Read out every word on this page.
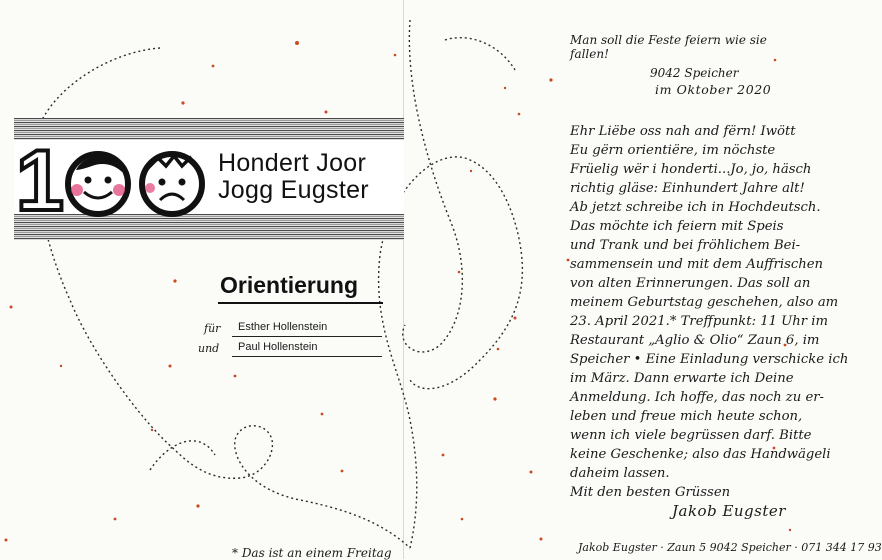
1	Hondert Joor
Jogg Eugster
Orientierung
für Esther Hollenstein
und Paul Hollenstein
* Das ist an einem Freitag
Man soll die Feste feiern wie sie fallen!
9042 Speicher
im Oktober 2020
Ehr Liëbe oss nah and fërn! Iwött
Eu gërn orientiëre, im nöchste
Früelig wër i honderti...Jo, jo, häsch
richtig gläse: Einhundert Jahre alt!
Ab jetzt schreibe ich in Hochdeutsch.
Das möchte ich feiern mit Speis
und Trank und bei fröhlichem Bei-
sammensein und mit dem Auffrischen
von alten Erinnerungen. Das soll an
meinem Geburtstag geschehen, also am
23. April 2021.* Treffpunkt: 11 Uhr im
Restaurant „Aglio & Olio“ Zaun 6, im
Speicher • Eine Einladung verschicke ich
im März. Dann erwarte ich Deine
Anmeldung. Ich hoffe, das noch zu er-
leben und freue mich heute schon,
wenn ich viele begrüssen darf. Bitte
keine Geschenke; also das Handwägeli
daheim lassen.
Mit den besten Grüssen
Jakob Eugster
Jakob Eugster · Zaun 5 9042 Speicher · 071 344 17 93
